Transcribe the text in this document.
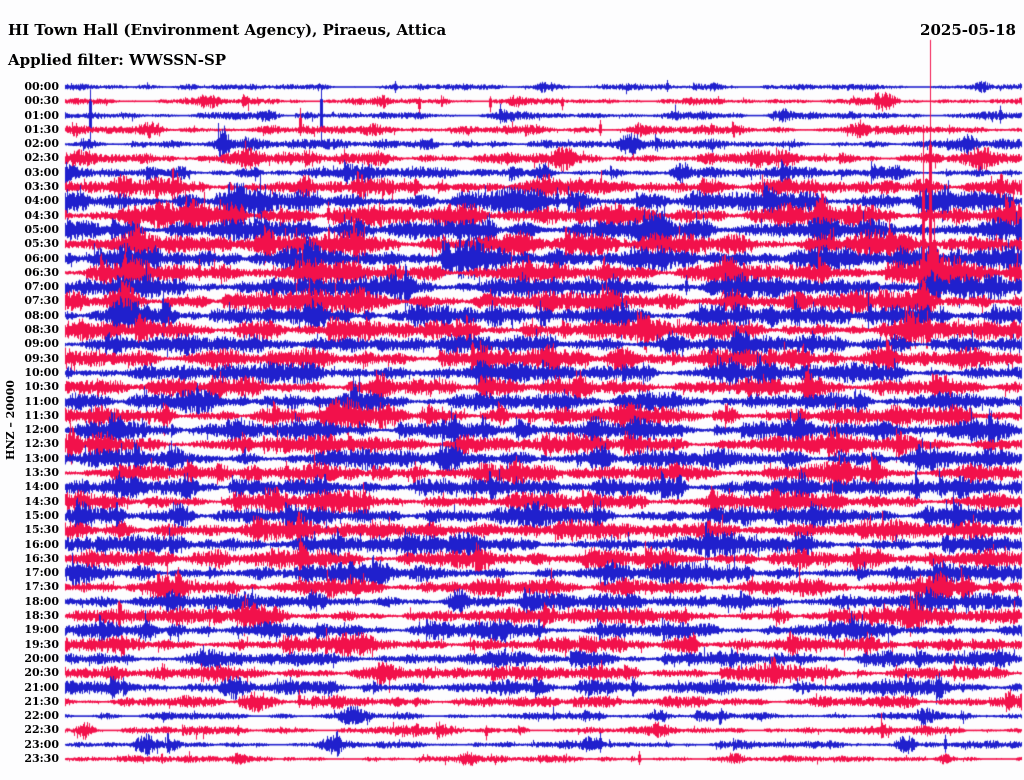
HI Town Hall (Environment Agency), Piraeus, Attica	2025-05-18
Applied filter: WWSSN-SP
HNZ – 20000
00:00
00:30
01:00
01:30
02:00
02:30
03:00
03:30
04:00
04:30
05:00
05:30
06:00
06:30
07:00
07:30
08:00
08:30
09:00
09:30
10:00
10:30
11:00
11:30
12:00
12:30
13:00
13:30
14:00
14:30
15:00
15:30
16:00
16:30
17:00
17:30
18:00
18:30
19:00
19:30
20:00
20:30
21:00
21:30
22:00
22:30
23:00
23:30
